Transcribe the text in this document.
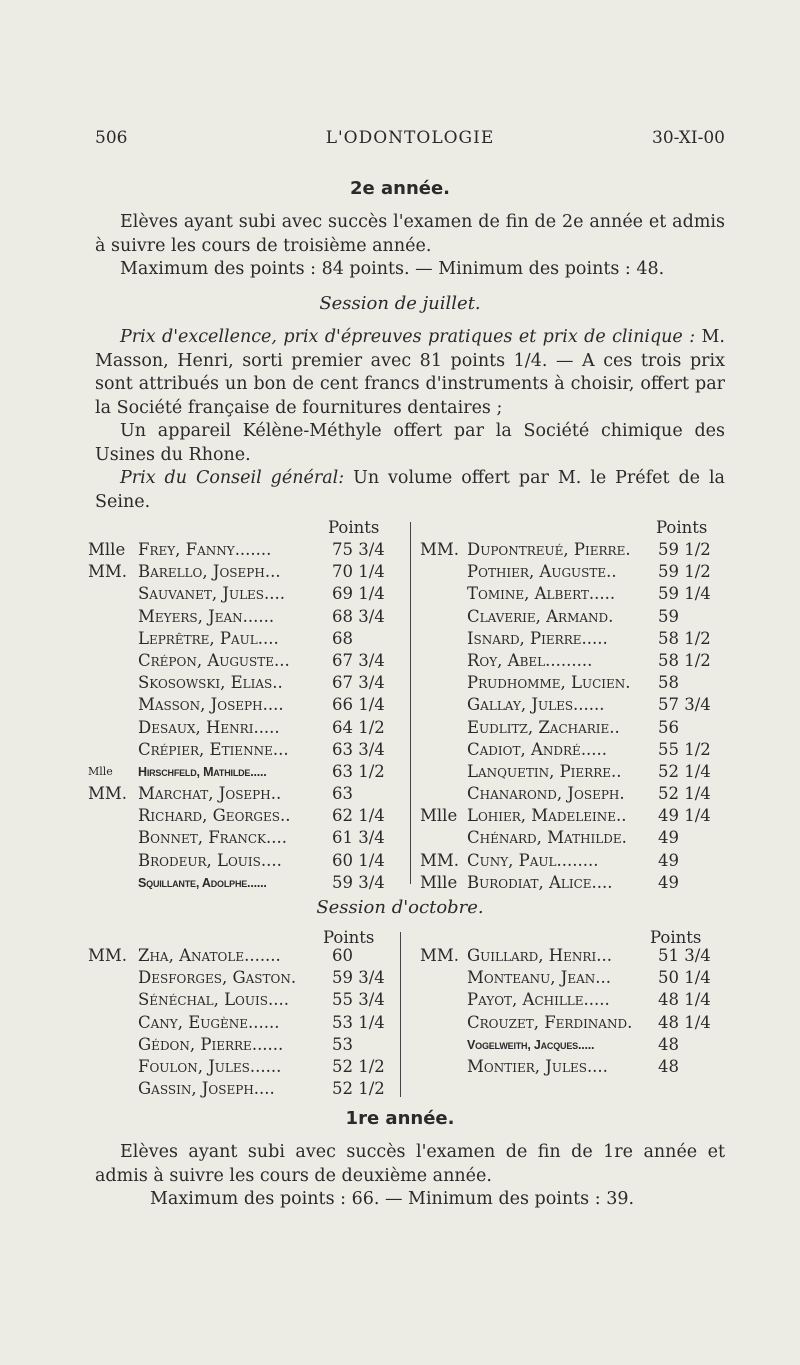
506	L'ODONTOLOGIE	30-XI-00
2e année.

Elèves ayant subi avec succès l'examen de fin de 2e année et admis à suivre les cours de troisième année.

Maximum des points : 84 points. — Minimum des points : 48.

Session de juillet.

Prix d'excellence, prix d'épreuves pratiques et prix de clinique : M. Masson, Henri, sorti premier avec 81 points 1/4. — A ces trois prix sont attribués un bon de cent francs d'instruments à choisir, offert par la Société française de fournitures dentaires ;

Un appareil Kélène-Méthyle offert par la Société chimique des Usines du Rhone.

Prix du Conseil général: Un volume offert par M. le Préfet de la Seine.

Points	Points
Mlle Frey, Fanny.......	75 3/4
MM. Barello, Joseph...	70 1/4
Sauvanet, Jules....	69 1/4
Meyers, Jean......	68 3/4
Leprêtre, Paul....	68
Crépon, Auguste...	67 3/4
Skosowski, Elias..	67 3/4
Masson, Joseph....	66 1/4
Desaux, Henri.....	64 1/2
Crépier, Etienne...	63 3/4
Mlle Hirschfeld, Mathilde.....	63 1/2
MM. Marchat, Joseph..	63
Richard, Georges..	62 1/4
Bonnet, Franck....	61 3/4
Brodeur, Louis....	60 1/4
Squillante, Adolphe......	59 3/4
MM. Dupontreué, Pierre. 59 1/2
Pothier, Auguste..	59 1/2
Tomine, Albert.....	59 1/4
Claverie, Armand.	59
Isnard, Pierre.....	58 1/2
Roy, Abel.........	58 1/2
Prudhomme, Lucien. 58
Gallay, Jules......	57 3/4
Eudlitz, Zacharie.. 56
Cadiot, André.....	55 1/2
Lanquetin, Pierre.. 52 1/4
Chanarond, Joseph. 52 1/4
Mlle Lohier, Madeleine.. 49 1/4
Chénard, Mathilde. 49
MM. Cuny, Paul........	49
Mlle Burodiat, Alice....	49
Session d'octobre.
Points	Points
MM. Zha, Anatole.......	60
Desforges, Gaston. 59 3/4
Sénéchal, Louis....	55 3/4
Cany, Eugène......	53 1/4
Gédon, Pierre......	53
Foulon, Jules......	52 1/2
Gassin, Joseph....	52 1/2
MM. Guillard, Henri...	51 3/4
Monteanu, Jean...	50 1/4
Payot, Achille.....	48 1/4
Crouzet, Ferdinand. 48 1/4
Vogelweith, Jacques.....	48
Montier, Jules....	48
1re année.

Elèves ayant subi avec succès l'examen de fin de 1re année et admis à suivre les cours de deuxième année.

Maximum des points : 66. — Minimum des points : 39.
